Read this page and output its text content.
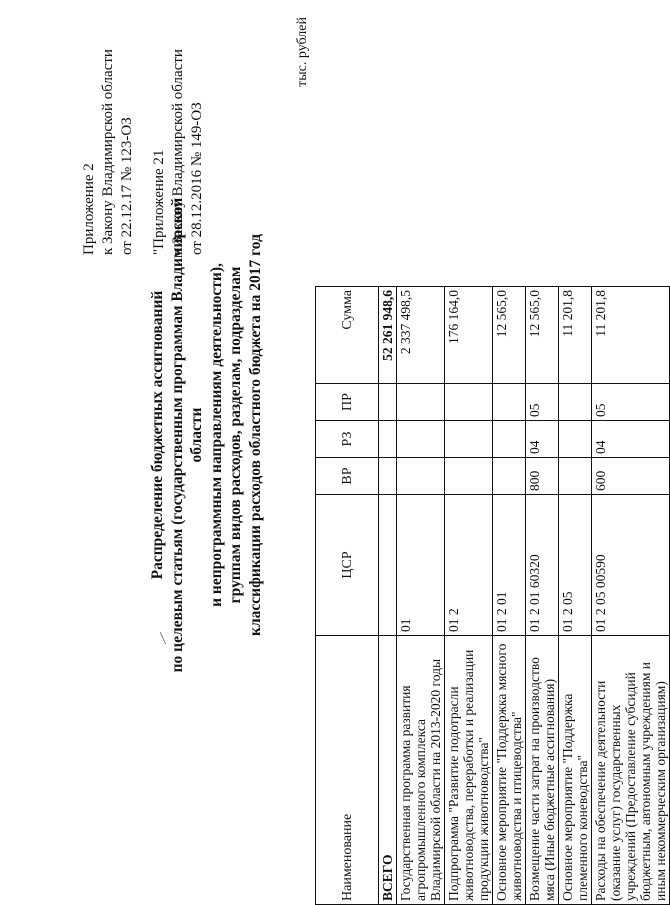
Приложение 2 к Закону Владимирской области от 22.12.17 № 123-ОЗ "Приложение 21 к Закону Владимирской области от 28.12.2016 № 149-ОЗ
⁄
Распределение бюджетных ассигнований по целевым статьям (государственным программам Владимирской области и непрограммным направлениям деятельности), группам видов расходов, разделам, подразделам классификации расходов областного бюджета на 2017 год
тыс. рублей
Наименование	ЦСР	ВР	РЗ	ПР	Сумма
ВСЕГО					52 261 948,6
Государственная программа развития агропромышленного комплекса Владимирской области на 2013-2020 годы	01				2 337 498,5
Подпрограмма "Развитие подотрасли животноводства, переработки и реализации продукции животноводства"	01 2				176 164,0
Основное мероприятие "Поддержка мясного животноводства и птицеводства"	01 2 01				12 565,0
Возмещение части затрат на производство мяса (Иные бюджетные ассигнования)	01 2 01 60320	800	04	05	12 565,0
Основное мероприятие "Поддержка племенного коневодства"	01 2 05				11 201,8
Расходы на обеспечение деятельности (оказание услуг) государственных учреждений (Предоставление субсидий бюджетным, автономным учреждениям и иным некоммерческим организациям)	01 2 05 00590	600	04	05	11 201,8
